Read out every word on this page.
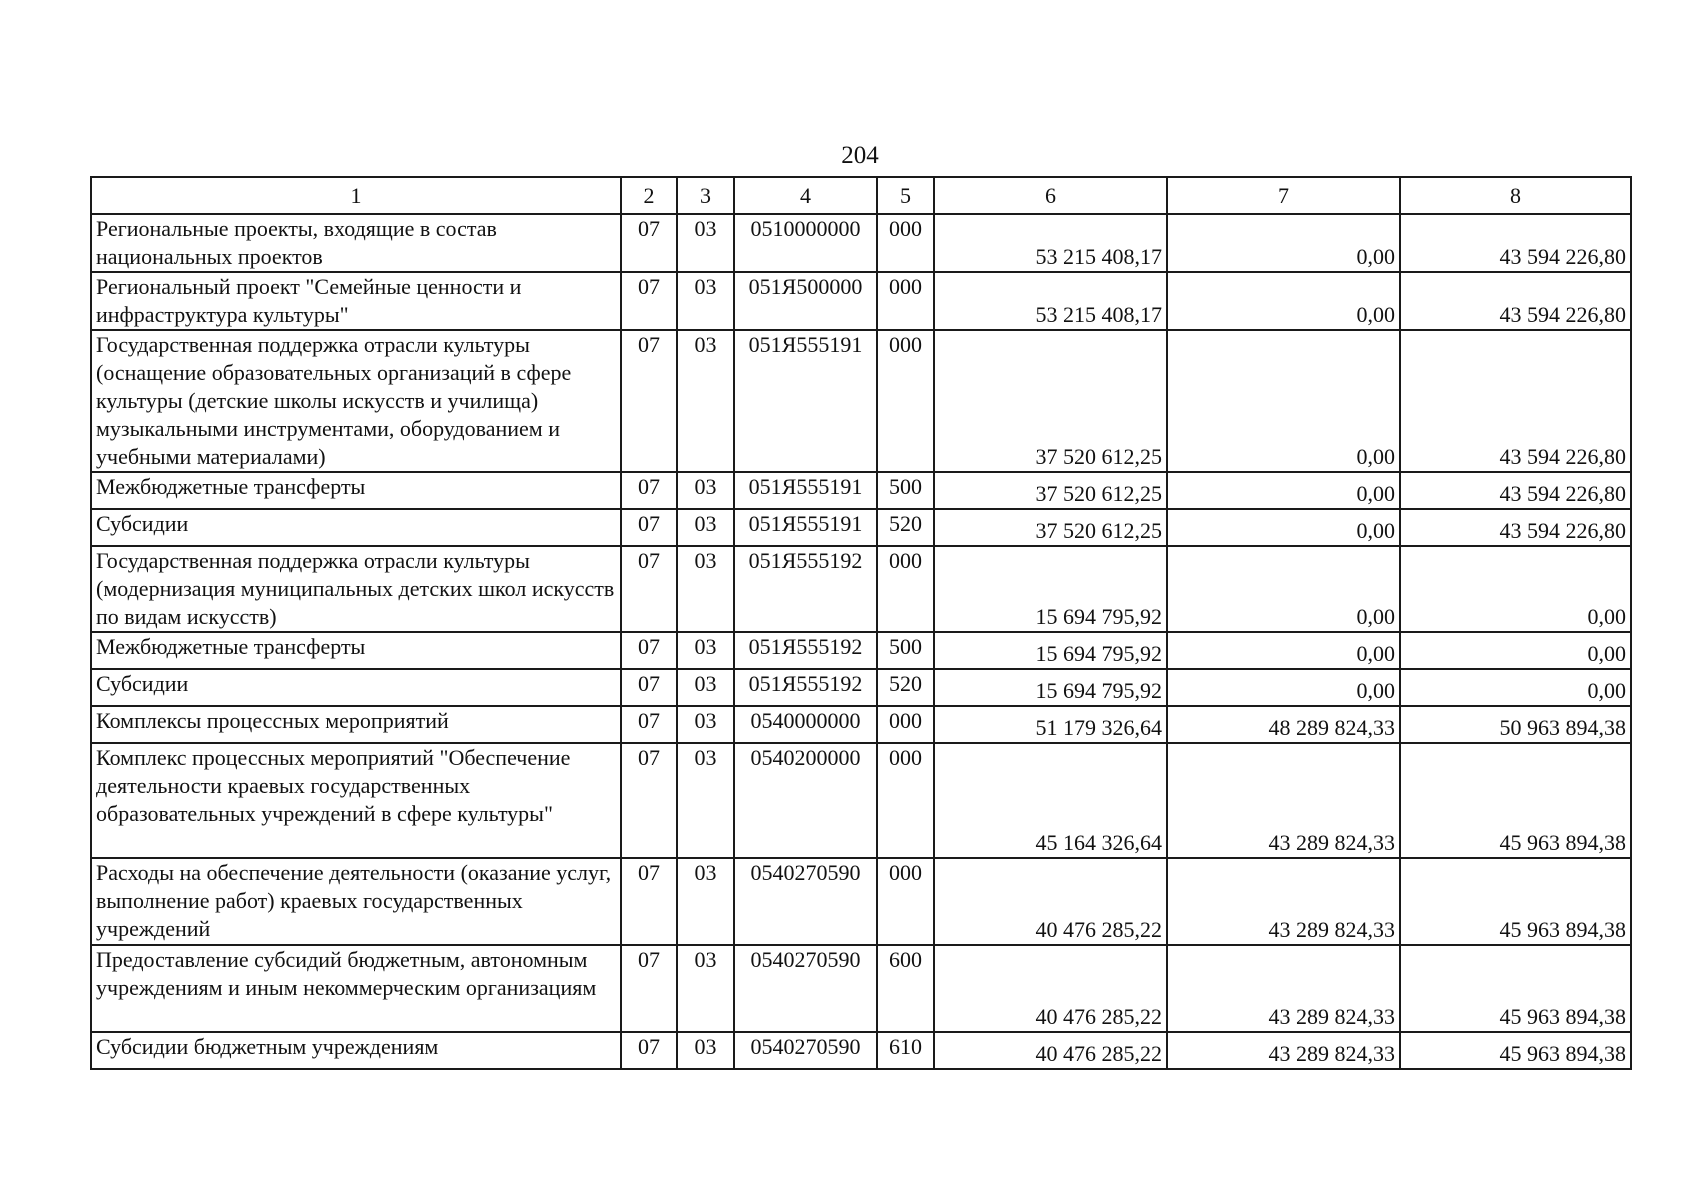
204
1	2	3	4	5	6	7	8
Региональные проекты, входящие в состав национальных проектов	07	03	0510000000	000	53 215 408,17	0,00	43 594 226,80
Региональный проект "Семейные ценности и инфраструктура культуры"	07	03	051Я500000	000	53 215 408,17	0,00	43 594 226,80
Государственная поддержка отрасли культуры (оснащение образовательных организаций в сфере культуры (детские школы искусств и училища) музыкальными инструментами, оборудованием и учебными материалами)	07	03	051Я555191	000	37 520 612,25	0,00	43 594 226,80
Межбюджетные трансферты	07	03	051Я555191	500	37 520 612,25	0,00	43 594 226,80
Субсидии	07	03	051Я555191	520	37 520 612,25	0,00	43 594 226,80
Государственная поддержка отрасли культуры (модернизация муниципальных детских школ искусств по видам искусств)	07	03	051Я555192	000	15 694 795,92	0,00	0,00
Межбюджетные трансферты	07	03	051Я555192	500	15 694 795,92	0,00	0,00
Субсидии	07	03	051Я555192	520	15 694 795,92	0,00	0,00
Комплексы процессных мероприятий	07	03	0540000000	000	51 179 326,64	48 289 824,33	50 963 894,38
Комплекс процессных мероприятий "Обеспечение деятельности краевых государственных образовательных учреждений в сфере культуры"	07	03	0540200000	000	45 164 326,64	43 289 824,33	45 963 894,38
Расходы на обеспечение деятельности (оказание услуг, выполнение работ) краевых государственных учреждений	07	03	0540270590	000	40 476 285,22	43 289 824,33	45 963 894,38
Предоставление субсидий бюджетным, автономным учреждениям и иным некоммерческим организациям	07	03	0540270590	600	40 476 285,22	43 289 824,33	45 963 894,38
Субсидии бюджетным учреждениям	07	03	0540270590	610	40 476 285,22	43 289 824,33	45 963 894,38
